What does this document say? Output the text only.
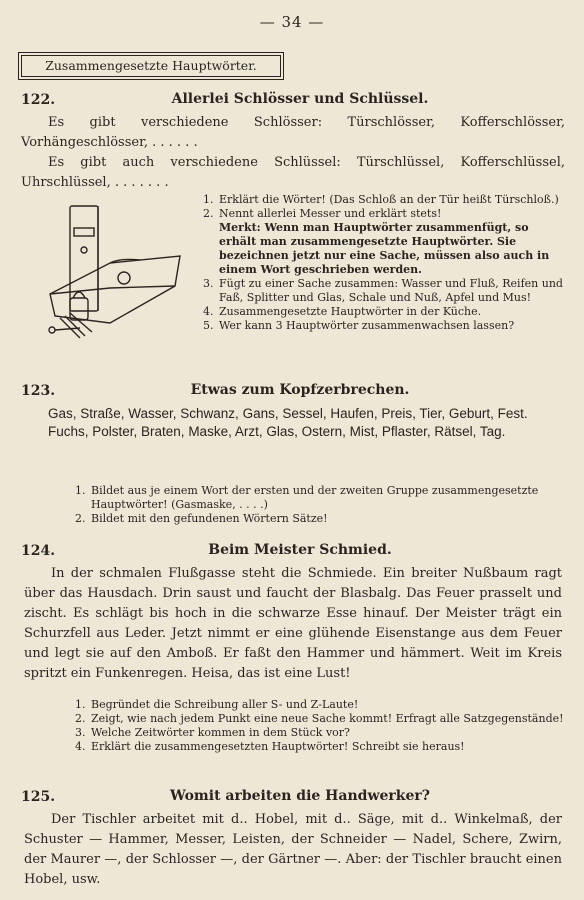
— 34 —
Zusammengesetzte Hauptwörter.
122.	Allerlei Schlösser und Schlüssel.

Es gibt verschiedene Schlösser: Türschlösser, Kofferschlösser, Vorhängeschlösser, . . . . . .

Es gibt auch verschiedene Schlüssel: Türschlüssel, Kofferschlüssel, Uhrschlüssel, . . . . . . .

1. Erklärt die Wörter! (Das Schloß an der Tür heißt Türschloß.)
2. Nennt allerlei Messer und erklärt stets!
Merkt: Wenn man Hauptwörter zusammenfügt, so erhält man zusammengesetzte Hauptwörter. Sie bezeichnen jetzt nur eine Sache, müssen also auch in einem Wort geschrieben werden.
3. Fügt zu einer Sache zusammen: Wasser und Fluß, Reifen und Faß, Splitter und Glas, Schale und Nuß, Apfel und Mus!
4. Zusammengesetzte Hauptwörter in der Küche.
5. Wer kann 3 Hauptwörter zusammenwachsen lassen?
123.	Etwas zum Kopfzerbrechen.

Gas, Straße, Wasser, Schwanz, Gans, Sessel, Haufen, Preis, Tier, Geburt, Fest.

Fuchs, Polster, Braten, Maske, Arzt, Glas, Ostern, Mist, Pflaster, Rätsel, Tag.

1. Bildet aus je einem Wort der ersten und der zweiten Gruppe zusammengesetzte Hauptwörter! (Gasmaske, . . . .)
2. Bildet mit den gefundenen Wörtern Sätze!
124.	Beim Meister Schmied.

In der schmalen Flußgasse steht die Schmiede. Ein breiter Nußbaum ragt über das Hausdach. Drin saust und faucht der Blasbalg. Das Feuer prasselt und zischt. Es schlägt bis hoch in die schwarze Esse hinauf. Der Meister trägt ein Schurzfell aus Leder. Jetzt nimmt er eine glühende Eisenstange aus dem Feuer und legt sie auf den Amboß. Er faßt den Hammer und hämmert. Weit im Kreis spritzt ein Funkenregen. Heisa, das ist eine Lust!

1. Begründet die Schreibung aller S- und Z-Laute!
2. Zeigt, wie nach jedem Punkt eine neue Sache kommt! Erfragt alle Satzgegenstände!
3. Welche Zeitwörter kommen in dem Stück vor?
4. Erklärt die zusammengesetzten Hauptwörter! Schreibt sie heraus!
125.	Womit arbeiten die Handwerker?

Der Tischler arbeitet mit d.. Hobel, mit d.. Säge, mit d.. Winkelmaß, der Schuster — Hammer, Messer, Leisten, der Schneider — Nadel, Schere, Zwirn, der Maurer —, der Schlosser —, der Gärtner —. Aber: der Tischler braucht einen Hobel, usw.
